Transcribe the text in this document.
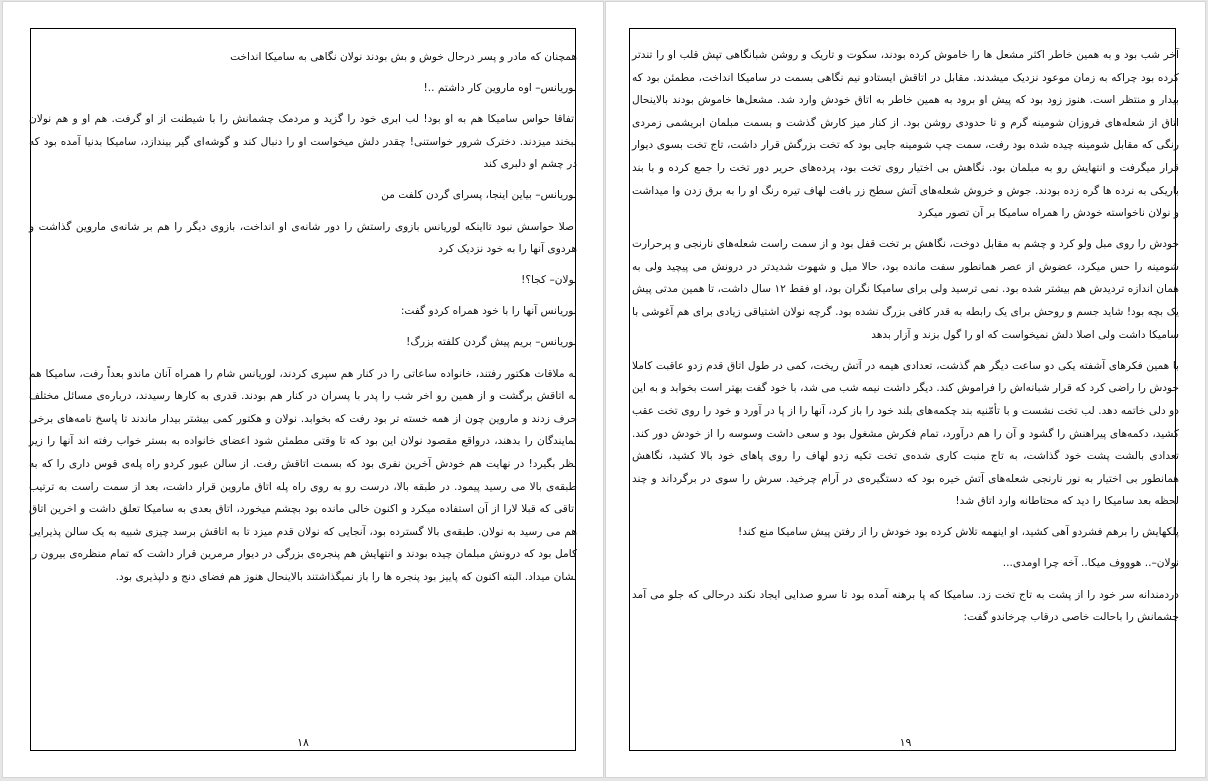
همچنان که مادر و پسر درحال خوش و بش بودند نولان نگاهی به سامیکا انداخت

لوریانس– اوه ماروین کار داشتم ..!

اتفاقا حواس سامیکا هم به او بود! لب ابری خود را گزید و مردمک چشمانش را با شیطنت از او گرفت. هم او و هم نولان لبخند میزدند. دخترک شرور خواستنی! چقدر دلش میخواست او را دنبال کند و گوشه‌ای گیر بیندازد، سامیکا بدنیا آمده بود که در چشم او دلبری کند

لوریانس– بیاین اینجا، پسرای گردن کلفت من

اصلا حواسش نبود تااینکه لوریانس بازوی راستش را دور شانه‌ی او انداخت، بازوی دیگر را هم بر شانه‌ی ماروین گذاشت و هردوی آنها را به خود نزدیک کرد

نولان– کجا؟!

لوریانس آنها را با خود همراه کردو گفت:

لوریانس– بریم پیش گردن کلفته بزرگ!

به ملاقات هکتور رفتند، خانواده ساعاتی را در کنار هم سپری کردند، لوریانس شام را همراه آنان ماندو بعداً رفت، سامیکا هم به اتاقش برگشت و از همین رو اخر شب را پدر با پسران در کنار هم بودند. قدری به کارها رسیدند، درباره‌ی مسائل مختلف حرف زدند و ماروین چون از همه خسته تر بود رفت که بخوابد. نولان و هکتور کمی بیشتر بیدار ماندند تا پاسخ نامه‌های برخی نمایندگان را بدهند، درواقع مقصود نولان این بود که تا وقتی مطمئن شود اعضای خانواده به بستر خواب رفته اند آنها را زیر نظر بگیرد! در نهایت هم خودش آخرین نفری بود که بسمت اتاقش رفت. از سالن عبور کردو راه پله‌ی قوس داری را که به طبقه‌ی بالا می رسید پیمود. در طبقه بالا، درست رو به روی راه پله اتاق ماروین قرار داشت، بعد از سمت راست به ترتیب اتاقی که قبلا لارا از آن استفاده میکرد و اکنون خالی مانده بود بچشم میخورد، اتاق بعدی به سامیکا تعلق داشت و اخرین اتاق هم می رسید به نولان. طبقه‌ی بالا گسترده بود، آنجایی که نولان قدم میزد تا به اتاقش برسد چیزی شبیه به یک سالن پذیرایی کامل بود که درونش مبلمان چیده بودند و انتهایش هم پنجره‌ی بزرگی در دیوار مرمرین قرار داشت که تمام منظره‌ی بیرون را نشان میداد. البته اکنون که پاییز بود پنجره ها را باز نمیگذاشتند بالاینحال هنوز هم فضای دنج و دلپذیری بود.

۱۸

آخر شب بود و به همین خاطر اکثر مشعل ها را خاموش کرده بودند، سکوت و تاریک و روشن شبانگاهی تپش قلب او را تندتر کرده بود چراکه به زمان موعود نزدیک میشدند. مقابل در اتاقش ایستادو نیم نگاهی بسمت در سامیکا انداخت، مطمئن بود که بیدار و منتظر است. هنوز زود بود که پیش او برود به همین خاطر به اتاق خودش وارد شد. مشعل‌ها خاموش بودند بالاینحال اتاق از شعله‌های فروزان شومینه گرم و تا حدودی روشن بود. از کنار میز کارش گذشت و بسمت مبلمان ابریشمی زمردی رنگی که مقابل شومینه چیده شده بود رفت، سمت چپ شومینه جایی بود که تخت بزرگش قرار داشت، تاج تخت بسوی دیوار قرار میگرفت و انتهایش رو به مبلمان بود. نگاهش بی اختیار روی تخت بود، پرده‌های حریر دور تخت را جمع کرده و با بند باریکی به نرده ها گره زده بودند. جوش و خروش شعله‌های آتش سطح زر بافت لهاف تیره رنگ او را به برق زدن وا میداشت و نولان ناخواسته خودش را همراه سامیکا بر آن تصور میکرد

خودش را روی مبل ولو کرد و چشم به مقابل دوخت، نگاهش بر تخت قفل بود و از سمت راست شعله‌های نارنجی و پرحرارت شومینه را حس میکرد، عضوش از عصر همانطور سفت مانده بود، حالا میل و شهوت شدیدتر در درونش می پیچید ولی به همان اندازه تردیدش هم بیشتر شده بود. نمی ترسید ولی برای سامیکا نگران بود، او فقط ۱۲ سال داشت، تا همین مدتی پیش یک بچه بود! شاید جسم و روحش برای یک رابطه به قدر کافی بزرگ نشده بود. گرچه نولان اشتیاقی زیادی برای هم آغوشی با سامیکا داشت ولی اصلا دلش نمیخواست که او را گول بزند و آزار بدهد

با همین فکرهای آشفته یکی دو ساعت دیگر هم گذشت، تعدادی هیمه در آتش ریخت، کمی در طول اتاق قدم زدو عاقبت کاملا خودش را راضی کرد که قرار شبانه‌اش را فراموش کند. دیگر داشت نیمه شب می شد، با خود گفت بهتر است بخوابد و به این دو دلی خاتمه دهد. لب تخت نشست و با تأمّنیه بند چکمه‌های بلند خود را باز کرد، آنها را از پا در آورد و خود را روی تخت عقب کشید، دکمه‌های پیراهنش را گشود و آن را هم درآورد، تمام فکرش مشغول بود و سعی داشت وسوسه را از خودش دور کند. تعدادی بالشت پشت خود گذاشت، به تاج منبت کاری شده‌ی تخت تکیه زدو لهاف را روی پاهای خود بالا کشید، نگاهش همانطور بی اختیار به نور نارنجی شعله‌های آتش خیره بود که دستگیره‌ی در آرام چرخید. سرش را سوی در برگرداند و چند لحظه بعد سامیکا را دید که محتاطانه وارد اتاق شد!

پلکهایش را برهم فشردو آهی کشید، او اینهمه تلاش کرده بود خودش را از رفتن پیش سامیکا منع کند!

نولان–.. هوووف میکا.. آخه چرا اومدی...

دردمندانه سر خود را از پشت به تاج تخت زد. سامیکا که پا برهنه آمده بود تا سرو صدایی ایجاد نکند درحالی که جلو می آمد چشمانش را باحالت خاصی درقاب چرخاندو گفت:

۱۹
